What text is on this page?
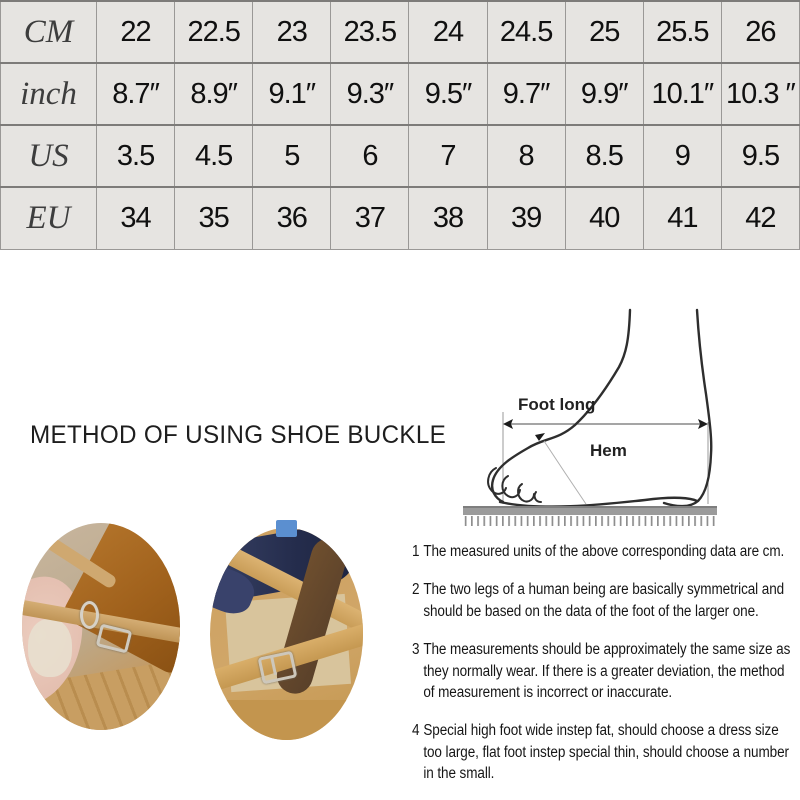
CM	22	22.5	23	23.5	24	24.5	25	25.5	26
inch	8.7″	8.9″	9.1″	9.3″	9.5″	9.7″	9.9″	10.1″	10.3 ″
US	3.5	4.5	5	6	7	8	8.5	9	9.5
EU	34	35	36	37	38	39	40	41	42
Foot long
Hem
METHOD OF USING SHOE BUCKLE
1 The measured units of the above corresponding data are cm.
2 The two legs of a human being are basically symmetrical and should be based on the data of the foot of the larger one.
3 The measurements should be approximately the same size as they normally wear. If there is a greater deviation, the method of measurement is incorrect or inaccurate.
4 Special high foot wide instep fat, should choose a dress size too large, flat foot instep special thin, should choose a number in the small.
